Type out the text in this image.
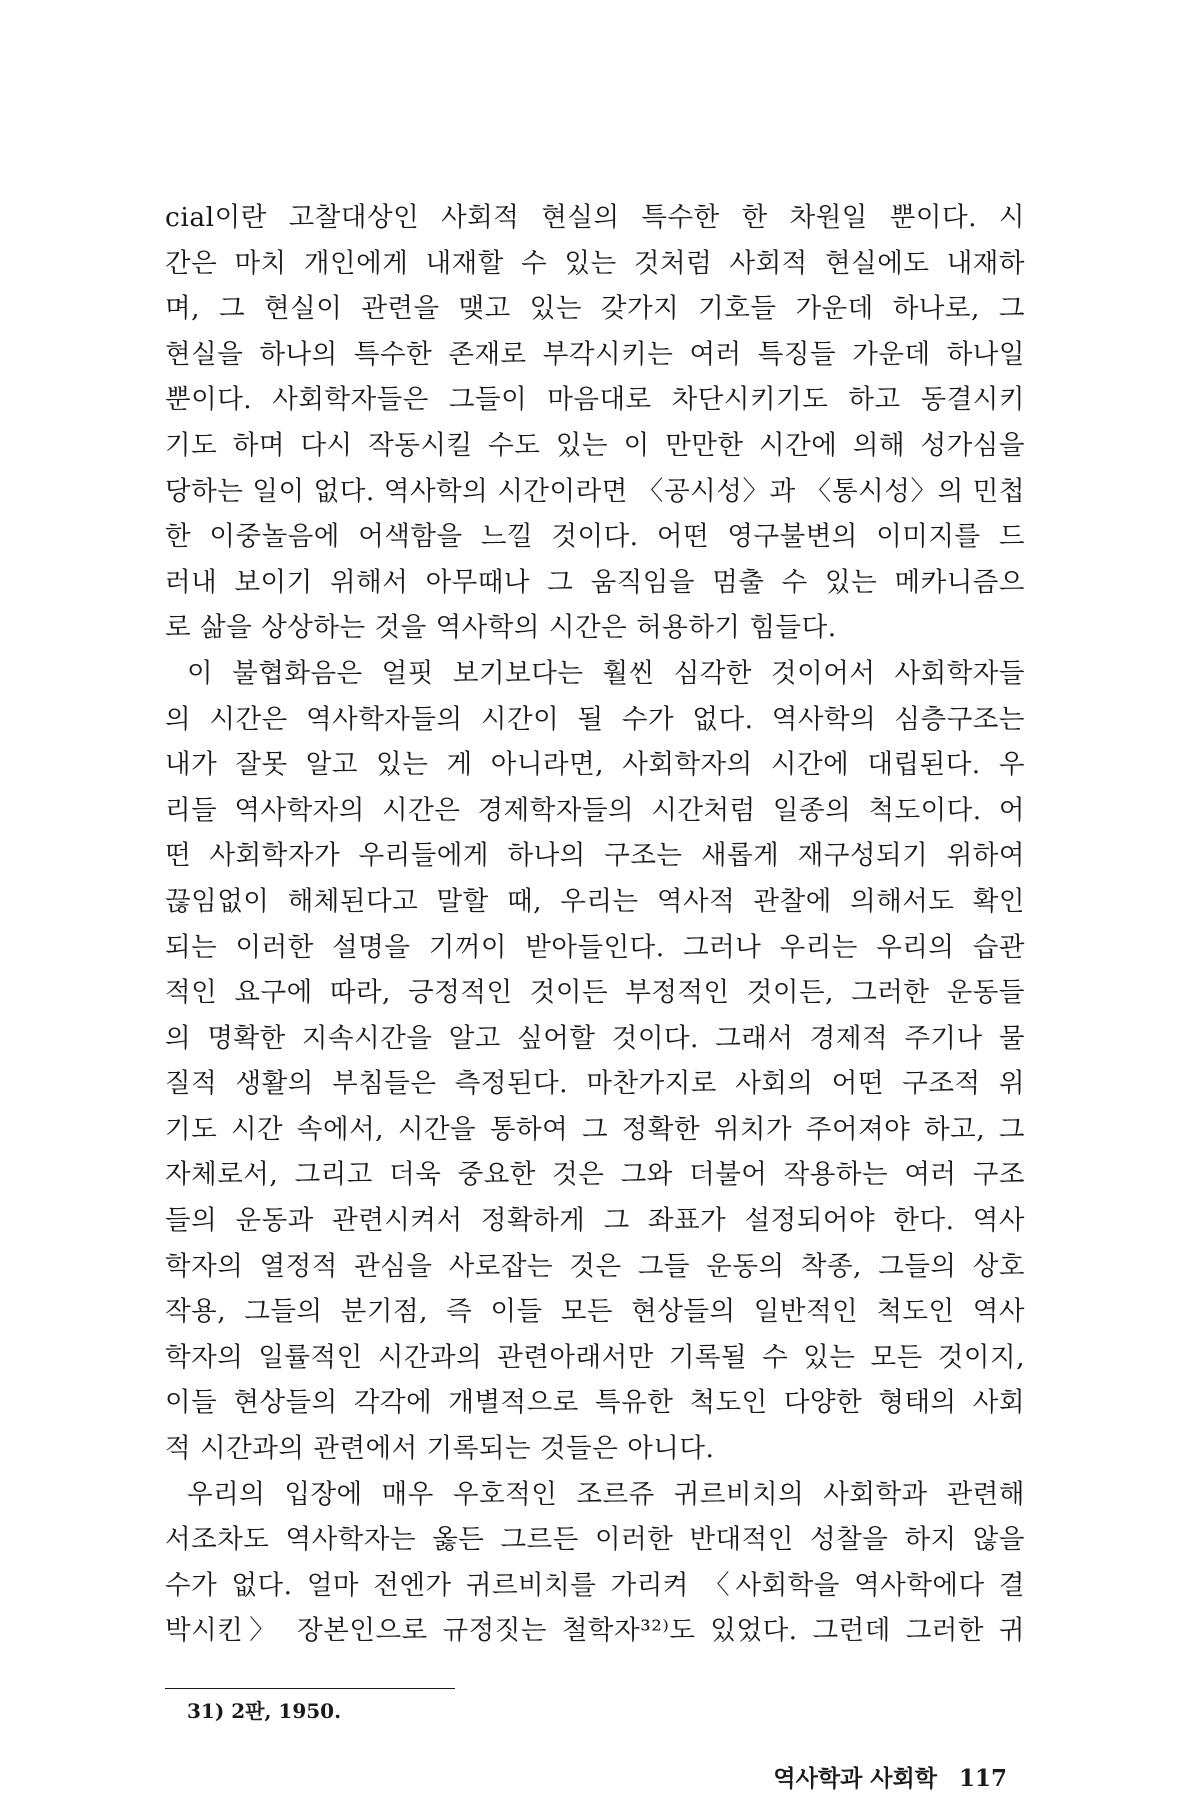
cial이란 고찰대상인 사회적 현실의 특수한 한 차원일 뿐이다. 시
간은 마치 개인에게 내재할 수 있는 것처럼 사회적 현실에도 내재하
며, 그 현실이 관련을 맺고 있는 갖가지 기호들 가운데 하나로, 그
현실을 하나의 특수한 존재로 부각시키는 여러 특징들 가운데 하나일
뿐이다. 사회학자들은 그들이 마음대로 차단시키기도 하고 동결시키
기도 하며 다시 작동시킬 수도 있는 이 만만한 시간에 의해 성가심을
당하는 일이 없다. 역사학의 시간이라면 〈공시성〉과 〈통시성〉의 민첩
한 이중놀음에 어색함을 느낄 것이다. 어떤 영구불변의 이미지를 드
러내 보이기 위해서 아무때나 그 움직임을 멈출 수 있는 메카니즘으
로 삶을 상상하는 것을 역사학의 시간은 허용하기 힘들다.
이 불협화음은 얼핏 보기보다는 훨씬 심각한 것이어서 사회학자들
의 시간은 역사학자들의 시간이 될 수가 없다. 역사학의 심층구조는
내가 잘못 알고 있는 게 아니라면, 사회학자의 시간에 대립된다. 우
리들 역사학자의 시간은 경제학자들의 시간처럼 일종의 척도이다. 어
떤 사회학자가 우리들에게 하나의 구조는 새롭게 재구성되기 위하여
끊임없이 해체된다고 말할 때, 우리는 역사적 관찰에 의해서도 확인
되는 이러한 설명을 기꺼이 받아들인다. 그러나 우리는 우리의 습관
적인 요구에 따라, 긍정적인 것이든 부정적인 것이든, 그러한 운동들
의 명확한 지속시간을 알고 싶어할 것이다. 그래서 경제적 주기나 물
질적 생활의 부침들은 측정된다. 마찬가지로 사회의 어떤 구조적 위
기도 시간 속에서, 시간을 통하여 그 정확한 위치가 주어져야 하고, 그
자체로서, 그리고 더욱 중요한 것은 그와 더불어 작용하는 여러 구조
들의 운동과 관련시켜서 정확하게 그 좌표가 설정되어야 한다. 역사
학자의 열정적 관심을 사로잡는 것은 그들 운동의 착종, 그들의 상호
작용, 그들의 분기점, 즉 이들 모든 현상들의 일반적인 척도인 역사
학자의 일률적인 시간과의 관련아래서만 기록될 수 있는 모든 것이지,
이들 현상들의 각각에 개별적으로 특유한 척도인 다양한 형태의 사회
적 시간과의 관련에서 기록되는 것들은 아니다.
우리의 입장에 매우 우호적인 조르쥬 귀르비치의 사회학과 관련해
서조차도 역사학자는 옳든 그르든 이러한 반대적인 성찰을 하지 않을
수가 없다. 얼마 전엔가 귀르비치를 가리켜 〈사회학을 역사학에다 결
박시킨〉 장본인으로 규정짓는 철학자³²⁾도 있었다. 그런데 그러한 귀
31) 2판, 1950.
역사학과 사회학 117
